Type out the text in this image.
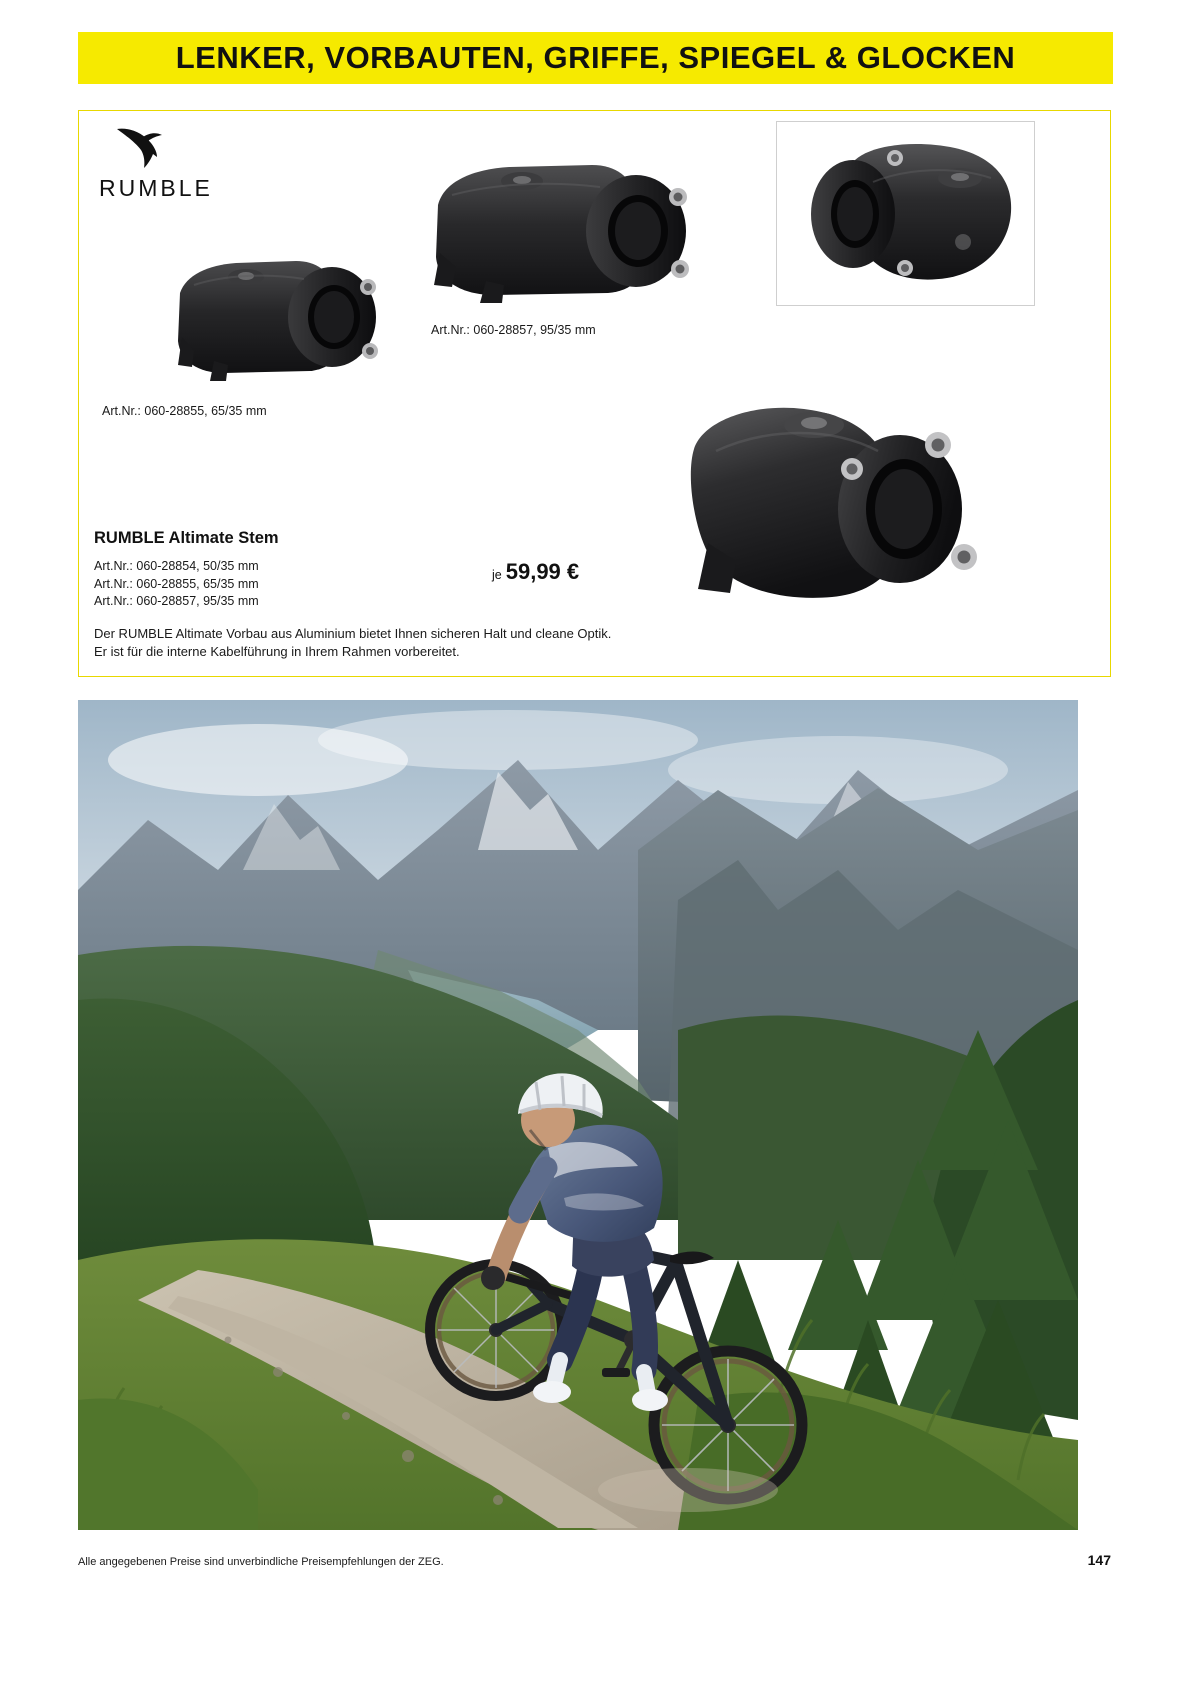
LENKER, VORBAUTEN, GRIFFE, SPIEGEL & GLOCKEN
RUMBLE
Art.Nr.: 060-28855, 65/35 mm
Art.Nr.: 060-28857, 95/35 mm
RUMBLE Altimate Stem
Art.Nr.: 060-28854, 50/35 mm
Art.Nr.: 060-28855, 65/35 mm
Art.Nr.: 060-28857, 95/35 mm
je 59,99 €
Der RUMBLE Altimate Vorbau aus Aluminium bietet Ihnen sicheren Halt und cleane Optik. Er ist für die interne Kabelführung in Ihrem Rahmen vorbereitet.
Alle angegebenen Preise sind unverbindliche Preisempfehlungen der ZEG.	147
